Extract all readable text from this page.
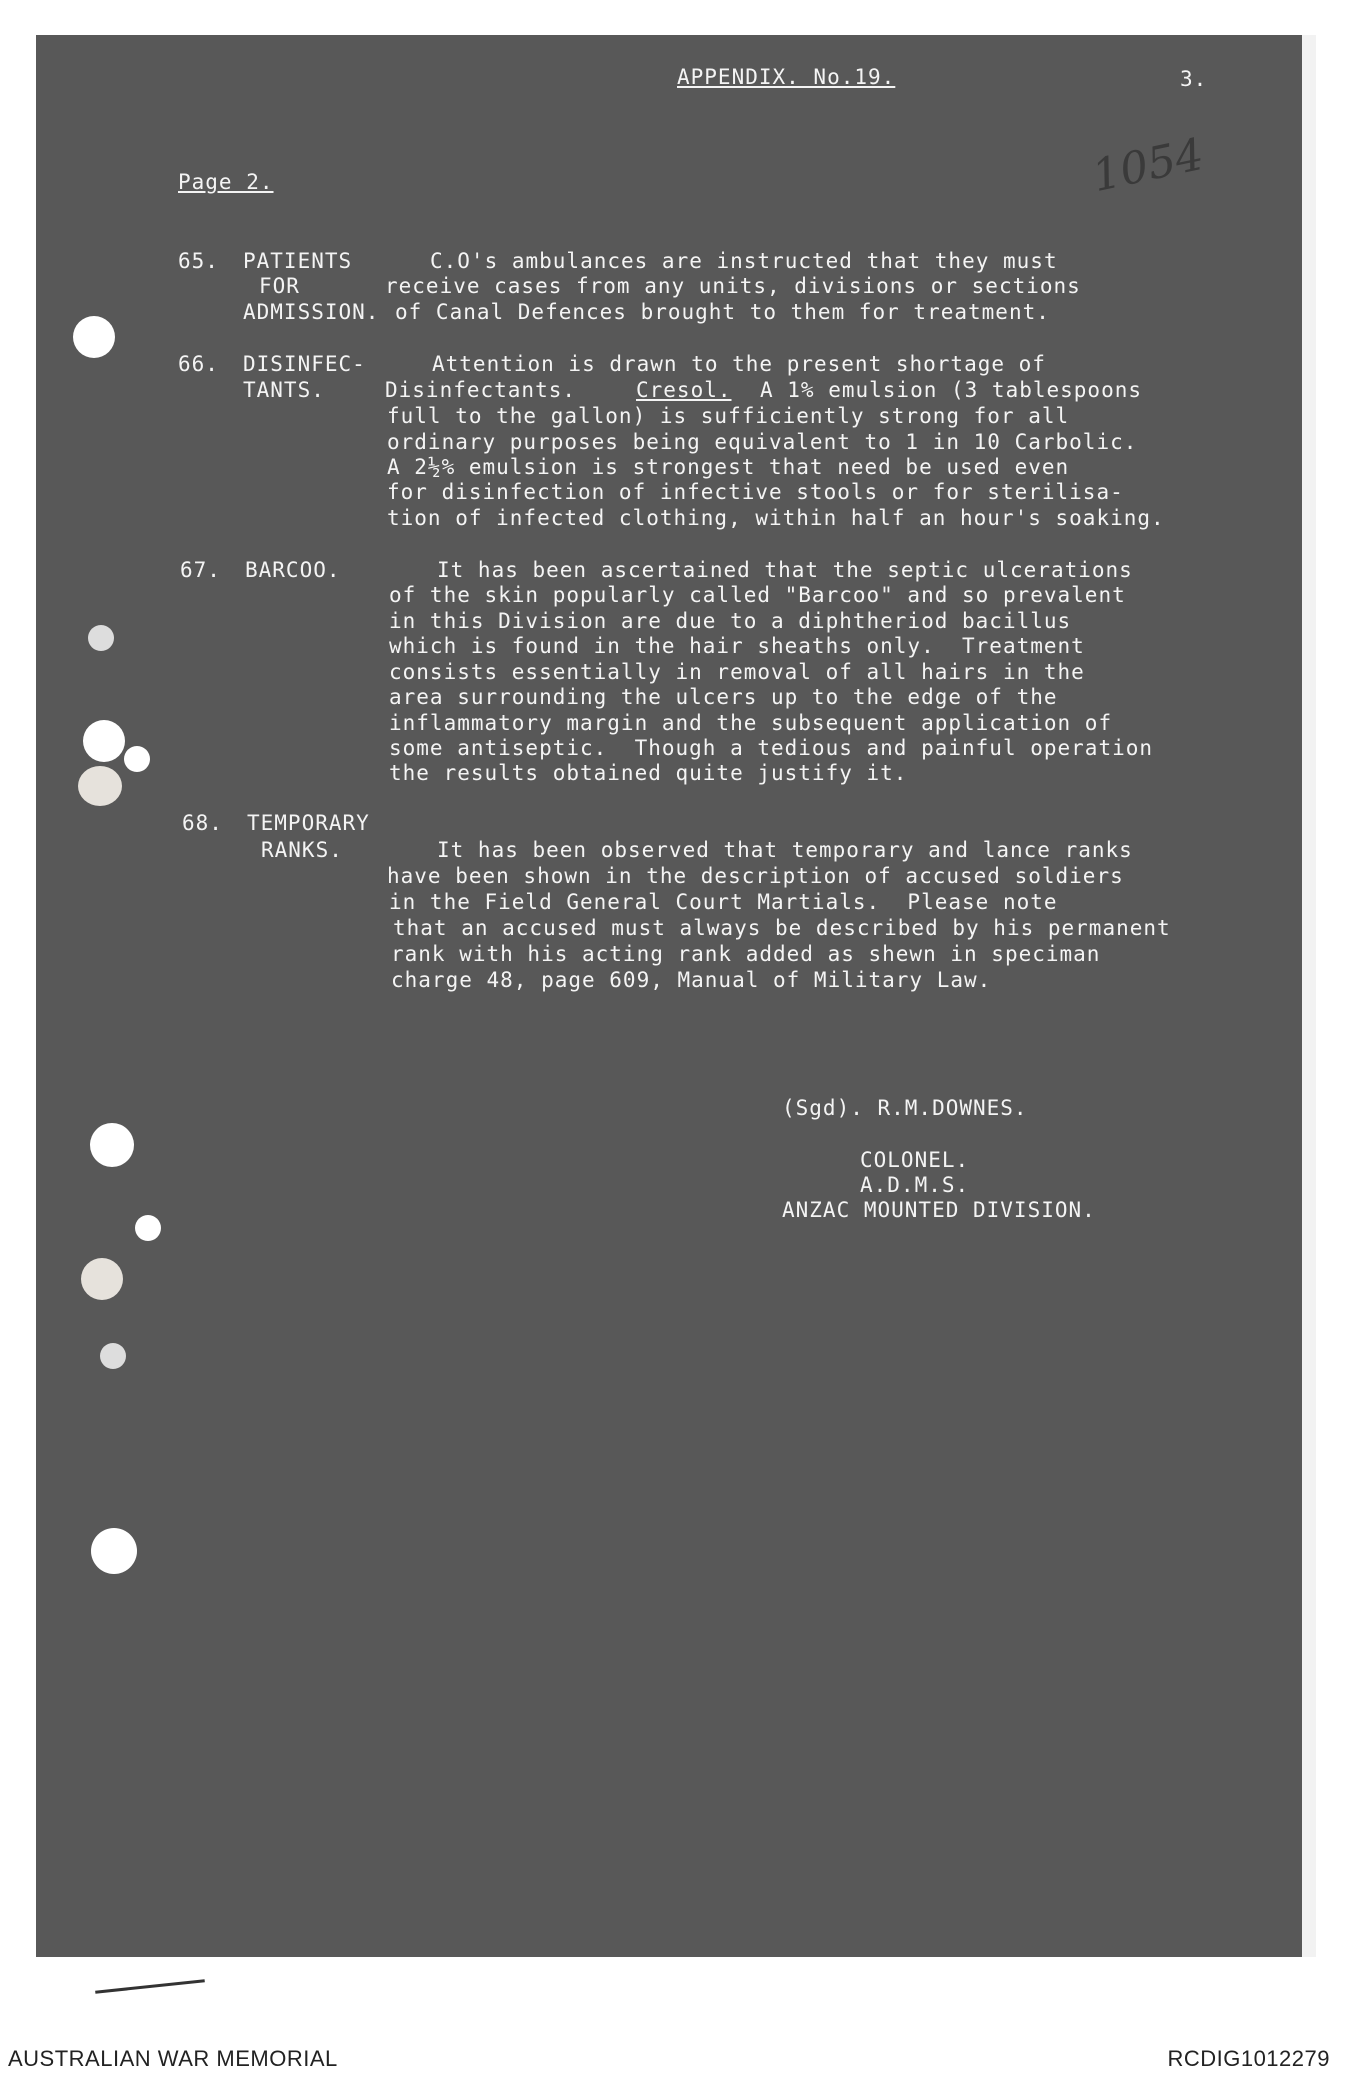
APPENDIX. No.19.	3.
1054
Page 2.
65. PATIENTS
FOR
ADMISSION.
C.O's ambulances are instructed that they must
receive cases from any units, divisions or sections
of Canal Defences brought to them for treatment.
66. DISINFEC-
TANTS.
Attention is drawn to the present shortage of
Disinfectants.	Cresol. A 1% emulsion (3 tablespoons
full to the gallon) is sufficiently strong for all
ordinary purposes being equivalent to 1 in 10 Carbolic.
A 2½% emulsion is strongest that need be used even
for disinfection of infective stools or for sterilisa-
tion of infected clothing, within half an hour's soaking.
67. BARCOO.	It has been ascertained that the septic ulcerations
of the skin popularly called "Barcoo" and so prevalent
in this Division are due to a diphtheriod bacillus
which is found in the hair sheaths only.  Treatment
consists essentially in removal of all hairs in the
area surrounding the ulcers up to the edge of the
inflammatory margin and the subsequent application of
some antiseptic.  Though a tedious and painful operation
the results obtained quite justify it.
68. TEMPORARY
RANKS.	It has been observed that temporary and lance ranks
have been shown in the description of accused soldiers
in the Field General Court Martials.  Please note
that an accused must always be described by his permanent
rank with his acting rank added as shewn in speciman
charge 48, page 609, Manual of Military Law.
(Sgd). R.M.DOWNES.
COLONEL.
A.D.M.S.
ANZAC MOUNTED DIVISION.
AUSTRALIAN WAR MEMORIAL	RCDIG1012279
